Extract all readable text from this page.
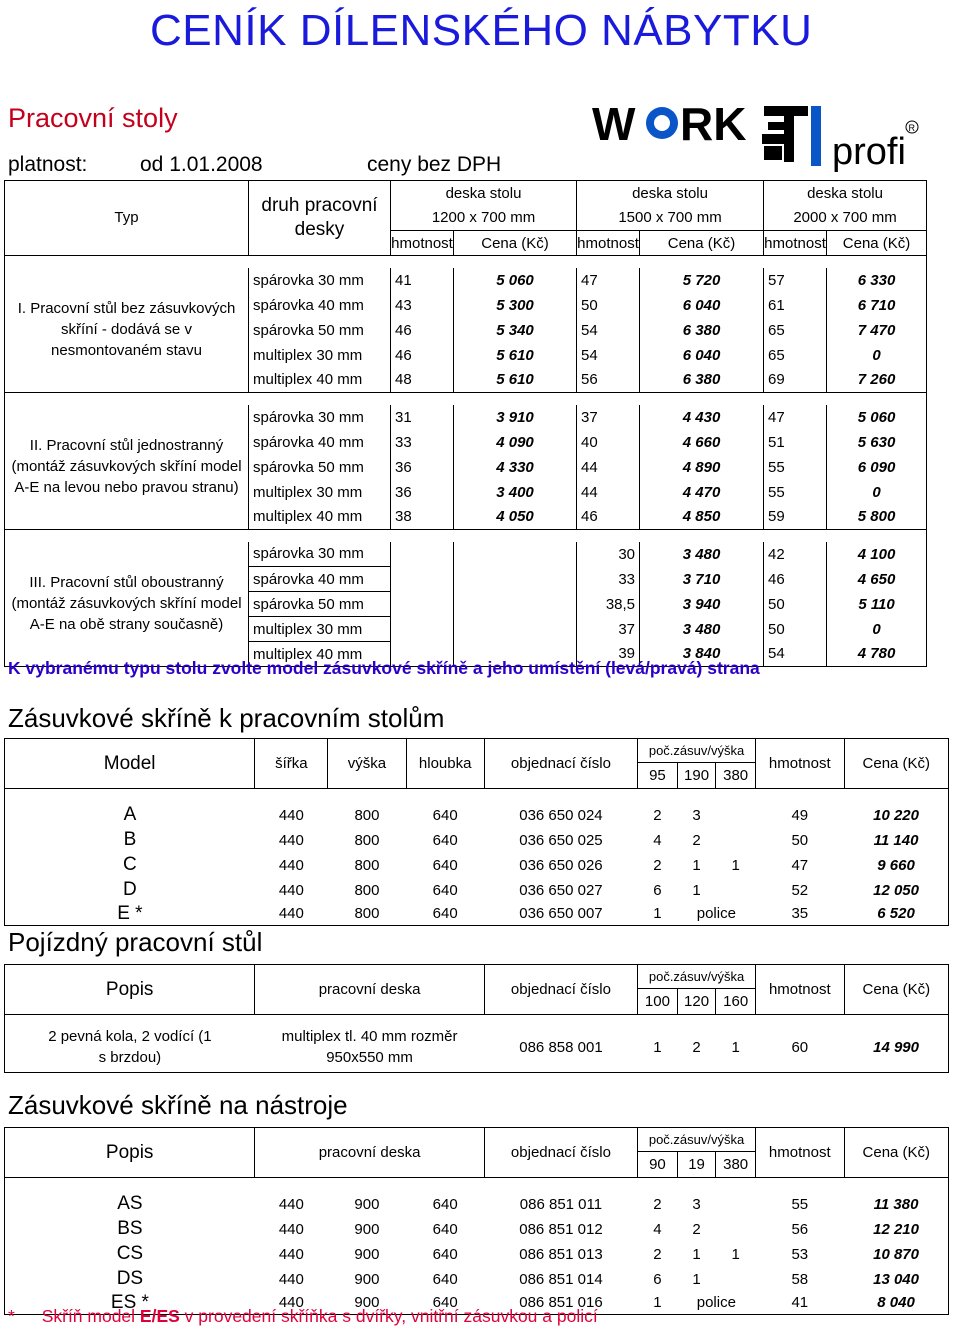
CENÍK DÍLENSKÉHO NÁBYTKU
Pracovní stoly
platnost:	od 1.01.2008	ceny bez DPH
W RK
profi
R
Typ	druh pracovní desky	deska stolu		deska stolu		deska stolu	
		1200 x 700 mm		1500 x 700 mm		2000 x 700 mm	
		hmotnost	Cena (Kč)	hmotnost	Cena (Kč)	hmotnost	Cena (Kč)

I. Pracovní stůl bez zásuvkových skříní - dodává se v nesmontovaném stavu	spárovka 30 mm	41	5 060	47	5 720	57	6 330
	spárovka 40 mm	43	5 300	50	6 040	61	6 710
	spárovka 50 mm	46	5 340	54	6 380	65	7 470
	multiplex 30 mm	46	5 610	54	6 040	65	0
	multiplex 40 mm	48	5 610	56	6 380	69	7 260

II. Pracovní stůl jednostranný (montáž zásuvkových skříní model A-E na levou nebo pravou stranu)	spárovka 30 mm	31	3 910	37	4 430	47	5 060
	spárovka 40 mm	33	4 090	40	4 660	51	5 630
	spárovka 50 mm	36	4 330	44	4 890	55	6 090
	multiplex 30 mm	36	3 400	44	4 470	55	0
	multiplex 40 mm	38	4 050	46	4 850	59	5 800

III. Pracovní stůl oboustranný (montáž zásuvkových skříní model A-E na obě strany současně)	spárovka 30 mm			30	3 480	42	4 100
	spárovka 40 mm			33	3 710	46	4 650
	spárovka 50 mm			38,5	3 940	50	5 110
	multiplex 30 mm			37	3 480	50	0
	multiplex 40 mm			39	3 840	54	4 780
K vybranému typu stolu zvolte model zásuvkové skříně a jeho umístění (levá/pravá) strana
Zásuvkové skříně k pracovním stolům
Model	šířka	výška	hloubka	objednací číslo	poč.zásuv/výška			hmotnost	Cena (Kč)
					95	190	380		

A	440	800	640	036 650 024	2	3		49	10 220
B	440	800	640	036 650 025	4	2		50	11 140
C	440	800	640	036 650 026	2	1	1	47	9 660
D	440	800	640	036 650 027	6	1		52	12 050
E *	440	800	640	036 650 007	1	police		35	6 520
Pojízdný pracovní stůl
Popis	pracovní deska	objednací číslo	poč.zásuv/výška			hmotnost	Cena (Kč)
			100	120	160		

2 pevná kola, 2 vodící (1 s brzdou)	multiplex tl. 40 mm rozměr 950x550 mm	086 858 001	1	2	1	60	14 990
Zásuvkové skříně na nástroje
Popis	pracovní deska			objednací číslo	poč.zásuv/výška			hmotnost	Cena (Kč)
					90	19	380		

AS	440	900	640	086 851 011	2	3		55	11 380
BS	440	900	640	086 851 012	4	2		56	12 210
CS	440	900	640	086 851 013	2	1	1	53	10 870
DS	440	900	640	086 851 014	6	1		58	13 040
ES *	440	900	640	086 851 016	1	police		41	8 040
* Skříň model E/ES v provedení skříňka s dvířky, vnitřní zásuvkou a policí
